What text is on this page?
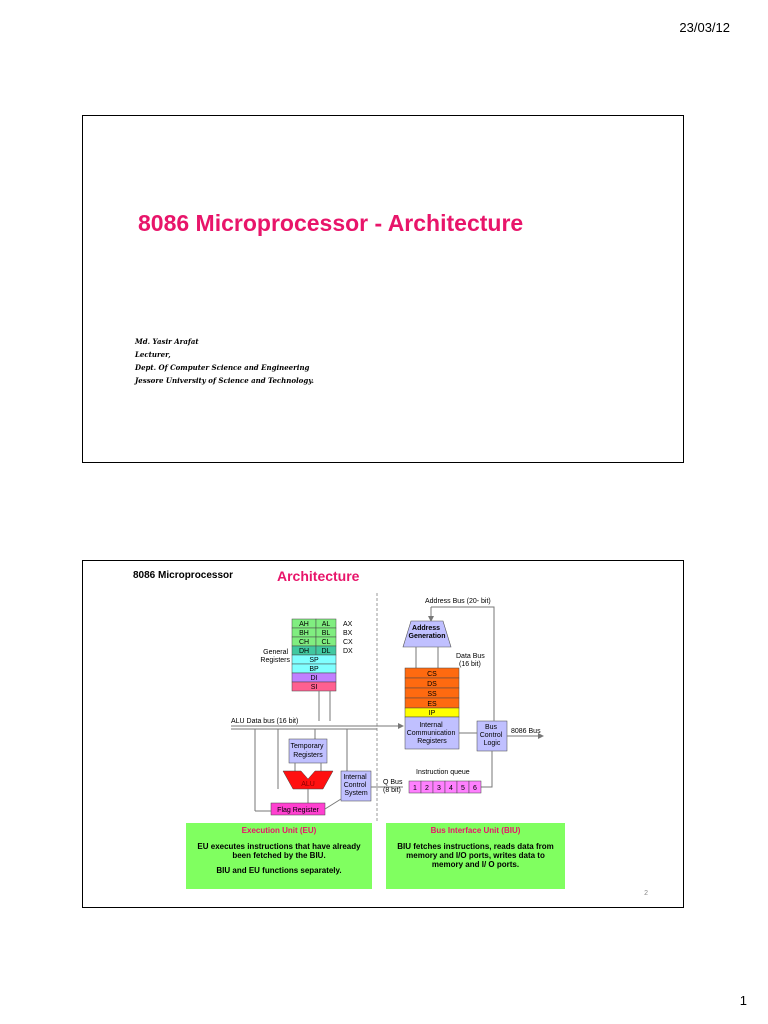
23/03/12
8086 Microprocessor - Architecture
Md. Yasir Arafat
Lecturer,
Dept. Of Computer Science and Engineering
Jessore University of Science and Technology.
8086 Microprocessor	Architecture
Address Bus (20- bit)
Address Generation
Data Bus (16 bit)
General Registers
AH AL
BH BL
CH CL
DH DL
AX
BX
CX
DX
SP
BP
DI
SI
CS
DS
SS
ES
IP
Internal Communication Registers
Bus Control Logic
8086 Bus
ALU Data bus (16 bit)
Temporary Registers
ALU
Flag Register
Internal Control System
Instruction queue
Q Bus (8 bit)	1 2 3 4 5 6
Execution Unit (EU)
EU executes instructions that have already been fetched by the BIU.
BIU and EU functions separately.
Bus Interface Unit (BIU)
BIU fetches instructions, reads data from memory and I/O ports, writes data to memory and I/ O ports.
2
1
